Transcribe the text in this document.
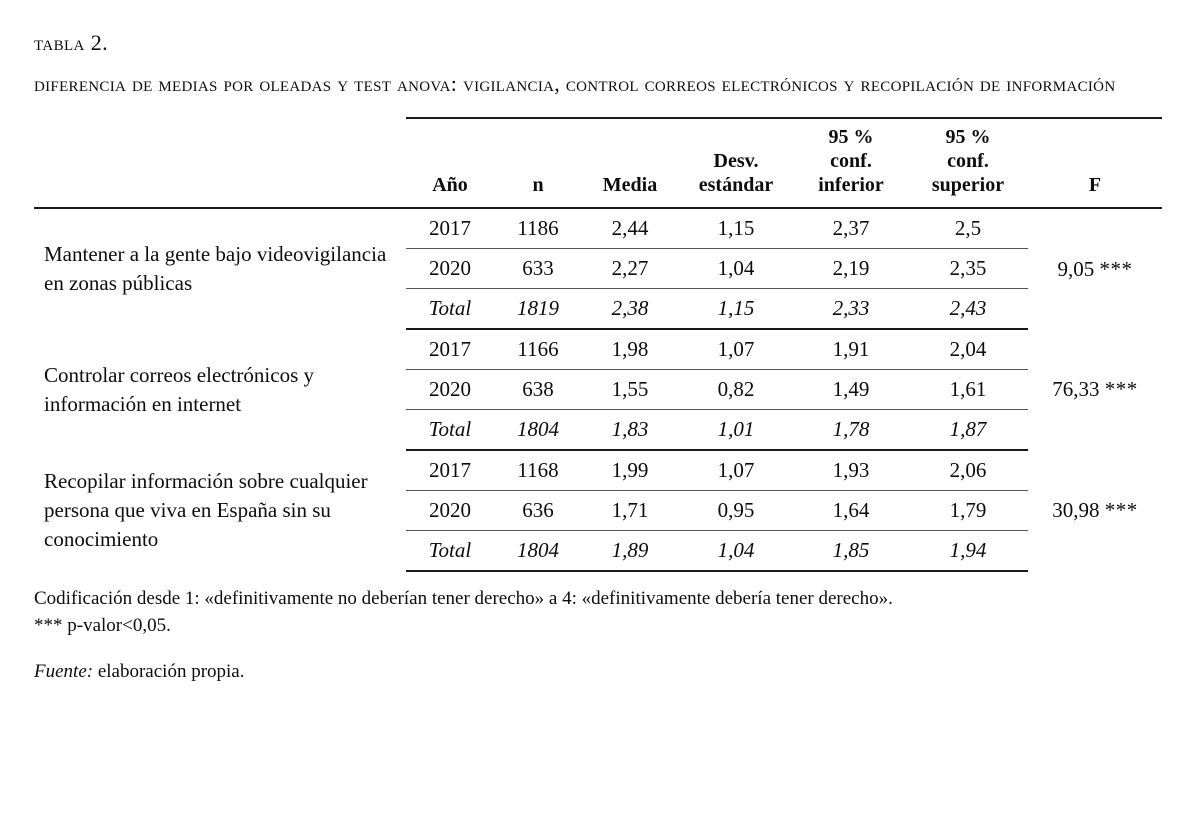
tabla 2.
diferencia de medias por oleadas y test anova: vigilancia, control correos electrónicos y recopilación de información
	Año	n	Media	Desv.
estándar	95 %
conf.
inferior	95 %
conf.
superior	F

Mantener a la gente bajo videovigilancia en zonas públicas	2017	1186	2,44	1,15	2,37	2,5	9,05 ***
	2020	633	2,27	1,04	2,19	2,35	
	Total	1819	2,38	1,15	2,33	2,43	
Controlar correos electrónicos y información en internet	2017	1166	1,98	1,07	1,91	2,04	76,33 ***
	2020	638	1,55	0,82	1,49	1,61	
	Total	1804	1,83	1,01	1,78	1,87	
Recopilar información sobre cualquier persona que viva en España sin su conocimiento	2017	1168	1,99	1,07	1,93	2,06	30,98 ***
	2020	636	1,71	0,95	1,64	1,79	
	Total	1804	1,89	1,04	1,85	1,94	
Codificación desde 1: «definitivamente no deberían tener derecho» a 4: «definitivamente debería tener derecho».
*** p-valor<0,05.
Fuente: elaboración propia.
